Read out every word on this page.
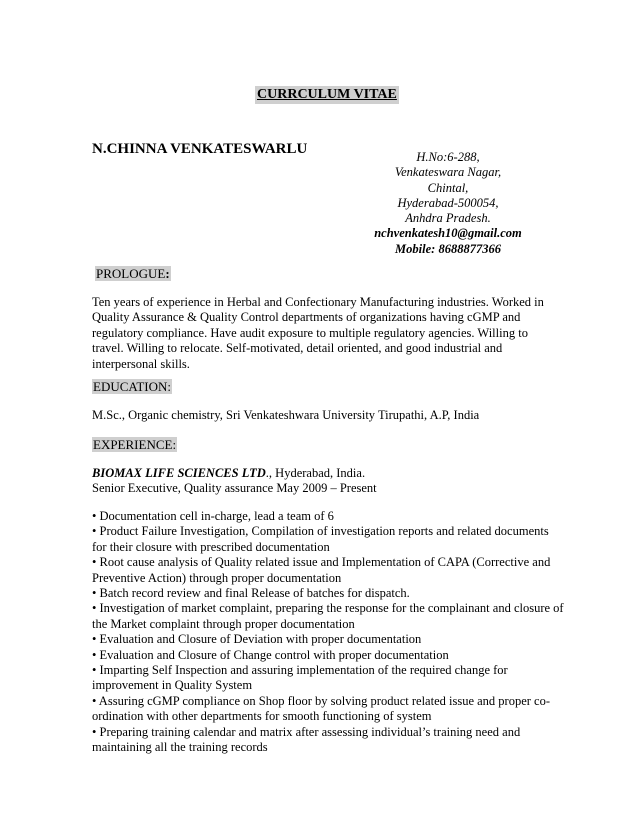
CURRCULUM VITAE
N.CHINNA VENKATESWARLU	H.No:6-288,
Venkateswara Nagar,
Chintal,
Hyderabad-500054,
Anhdra Pradesh.
nchvenkatesh10@gmail.com
Mobile: 8688877366
PROLOGUE:
Ten years of experience in Herbal and Confectionary Manufacturing industries. Worked in Quality Assurance & Quality Control departments of organizations having cGMP and regulatory compliance. Have audit exposure to multiple regulatory agencies. Willing to travel. Willing to relocate. Self-motivated, detail oriented, and good industrial and interpersonal skills.
EDUCATION:
M.Sc., Organic chemistry, Sri Venkateshwara University Tirupathi, A.P, India
EXPERIENCE:
BIOMAX LIFE SCIENCES LTD., Hyderabad, India.
Senior Executive, Quality assurance May 2009 – Present
• Documentation cell in-charge, lead a team of 6
• Product Failure Investigation, Compilation of investigation reports and related documents for their closure with prescribed documentation
• Root cause analysis of Quality related issue and Implementation of CAPA (Corrective and Preventive Action) through proper documentation
• Batch record review and final Release of batches for dispatch.
• Investigation of market complaint, preparing the response for the complainant and closure of the Market complaint through proper documentation
• Evaluation and Closure of Deviation with proper documentation
• Evaluation and Closure of Change control with proper documentation
• Imparting Self Inspection and assuring implementation of the required change for improvement in Quality System
• Assuring cGMP compliance on Shop floor by solving product related issue and proper co-ordination with other departments for smooth functioning of system
• Preparing training calendar and matrix after assessing individual’s training need and maintaining all the training records
